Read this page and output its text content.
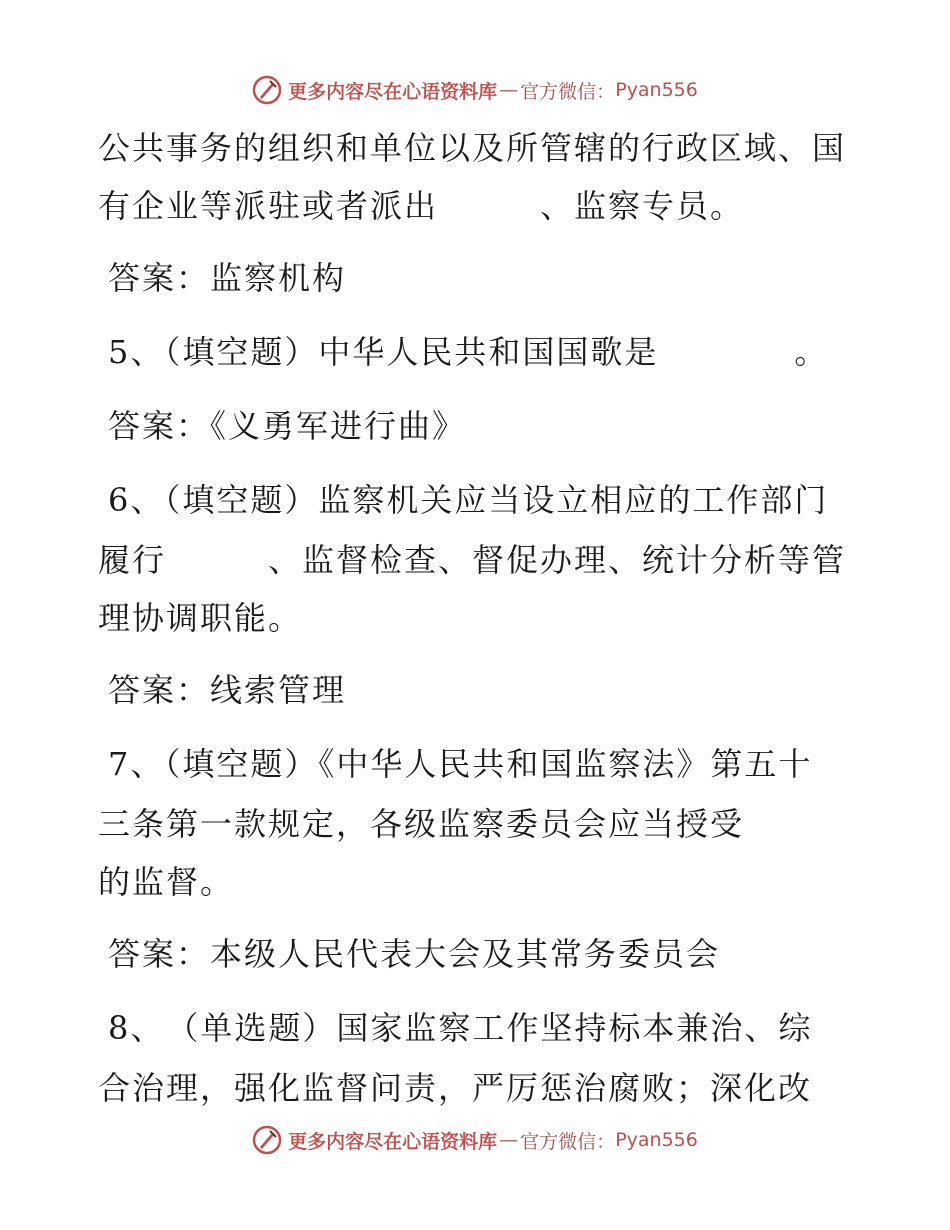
更多内容尽在心语资料库 — 官方微信： Pyan556
公共事务的组织和单位以及所管辖的行政区域、国
有企业等派驻或者派出　　　、监察专员。
答案：监察机构
5、（填空题）中华人民共和国国歌是　　　　。
答案：《义勇军进行曲》
6、（填空题）监察机关应当设立相应的工作部门
履行　　　、监督检查、督促办理、统计分析等管
理协调职能。
答案：线索管理
7、（填空题）《中华人民共和国监察法》第五十
三条第一款规定，各级监察委员会应当授受
的监督。
答案：本级人民代表大会及其常务委员会
8、　（单选题）国家监察工作坚持标本兼治、综
合治理，强化监督问责，严厉惩治腐败；深化改
更多内容尽在心语资料库 — 官方微信： Pyan556
